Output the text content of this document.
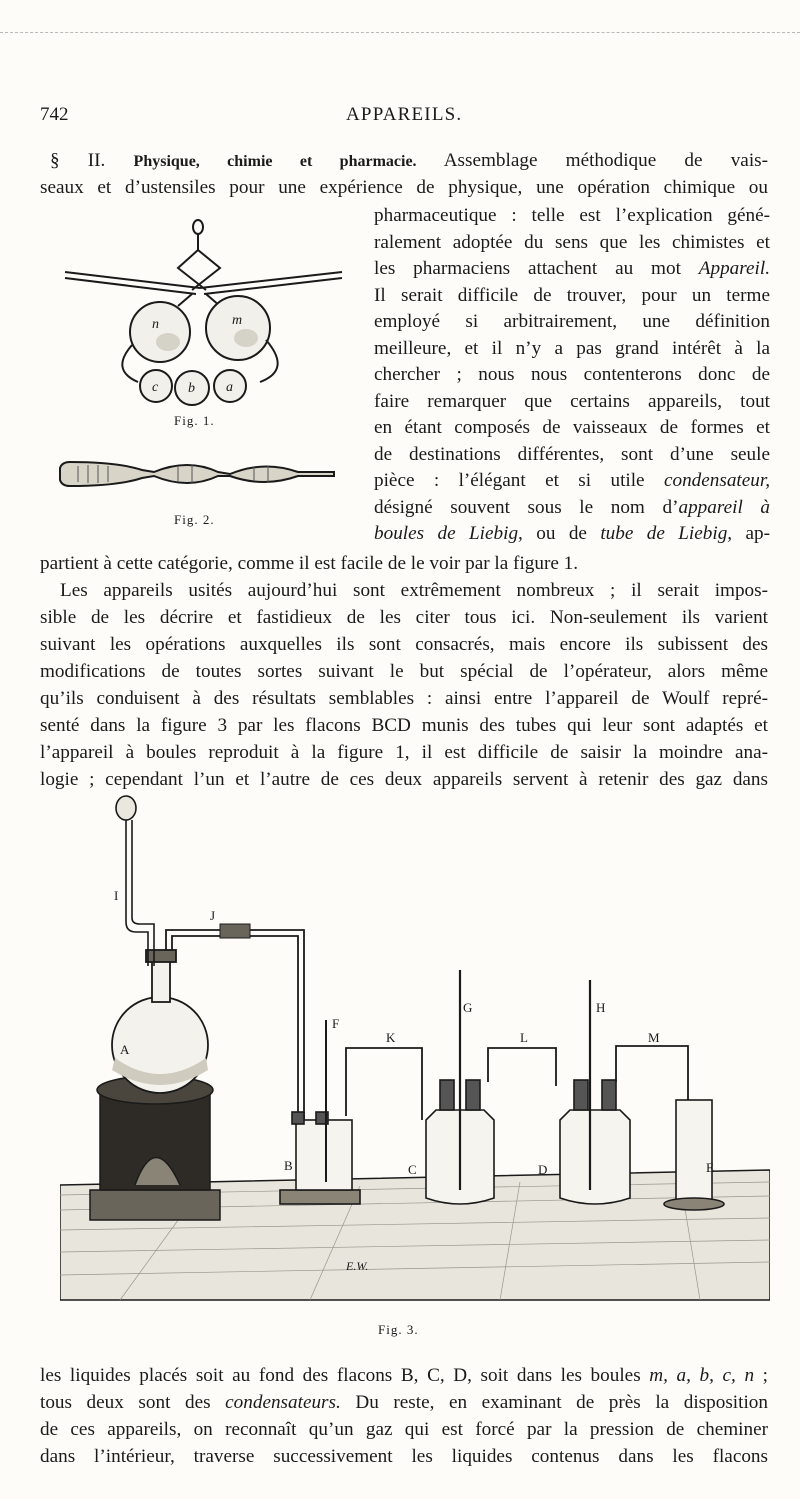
742	APPAREILS.
§ II. Physique, chimie et pharmacie. Assemblage méthodique de vais-
seaux et d’ustensiles pour une expérience de physique, une opération chimique ou
pharmaceutique : telle est l’explication géné-
ralement adoptée du sens que les chimistes et
les pharmaciens attachent au mot Appareil.
Il serait difficile de trouver, pour un terme
employé si arbitrairement, une définition
meilleure, et il n’y a pas grand intérêt à la
chercher ; nous nous contenterons donc de
faire remarquer que certains appareils, tout
en étant composés de vaisseaux de formes et
de destinations différentes, sont d’une seule
pièce : l’élégant et si utile condensateur,
désigné souvent sous le nom d’appareil à
boules de Liebig, ou de tube de Liebig, ap-
n	m
c b a
Fig. 1.
Fig. 2.
partient à cette catégorie, comme il est facile de le voir par la figure 1.
Les appareils usités aujourd’hui sont extrêmement nombreux ; il serait impos-
sible de les décrire et fastidieux de les citer tous ici. Non-seulement ils varient
suivant les opérations auxquelles ils sont consacrés, mais encore ils subissent des
modifications de toutes sortes suivant le but spécial de l’opérateur, alors même
qu’ils conduisent à des résultats semblables : ainsi entre l’appareil de Woulf repré-
senté dans la figure 3 par les flacons BCD munis des tubes qui leur sont adaptés et
l’appareil à boules reproduit à la figure 1, il est difficile de saisir la moindre ana-
logie ; cependant l’un et l’autre de ces deux appareils servent à retenir des gaz dans
I
J
A
F
K
G
L
H
M
B	C	D	E
E.W.
Fig. 3.
les liquides placés soit au fond des flacons B, C, D, soit dans les boules m, a, b, c, n ;
tous deux sont des condensateurs. Du reste, en examinant de près la disposition
de ces appareils, on reconnaît qu’un gaz qui est forcé par la pression de cheminer
dans l’intérieur, traverse successivement les liquides contenus dans les flacons
